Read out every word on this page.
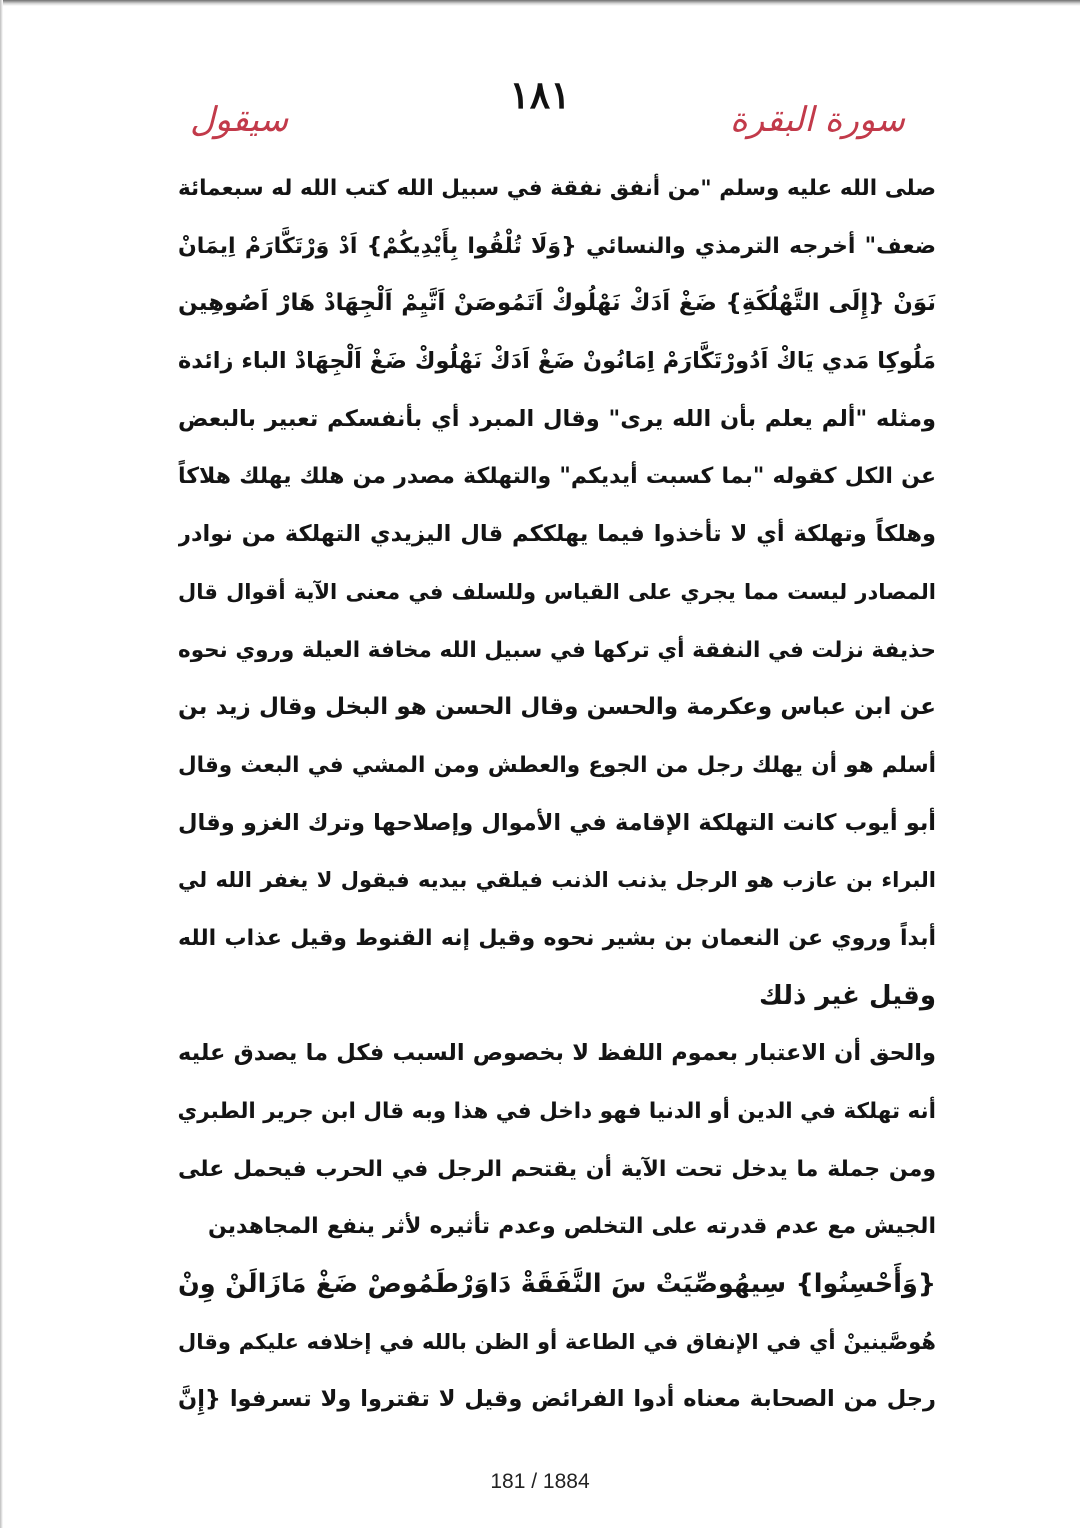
١٨١
سورة البقرة
سيقول
صلى الله عليه وسلم "من أنفق نفقة في سبيل الله كتب الله له سبعمائة
ضعف" أخرجه الترمذي والنسائي {وَلَا تُلْقُوا بِأَيْدِيكُمْ} اَدْ وَرْتَكَّارَمْ اِيمَانْ
نَوَنْ {إِلَى التَّهْلُكَةِ} ضَغْ اَدَكْ نَهْلُوكْ اَتَمُوصَنْ اَتَّيِمْ اَلْجِهَادْ هَارْ اَصُوهِين
مَلُوكِا مَدي يَاكْ اَدُورْتَكَّارَمْ اِمَانُونْ ضَغْ اَدَكْ نَهْلُوكْ ضَغْ اَلْجِهَادْ الباء زائدة
ومثله "ألم يعلم بأن الله يرى" وقال المبرد أي بأنفسكم تعبير بالبعض
عن الكل كقوله "بما كسبت أيديكم" والتهلكة مصدر من هلك يهلك هلاكاً
وهلكاً وتهلكة أي لا تأخذوا فيما يهلككم قال اليزيدي التهلكة من نوادر
المصادر ليست مما يجري على القياس وللسلف في معنى الآية أقوال قال
حذيفة نزلت في النفقة أي تركها في سبيل الله مخافة العيلة وروي نحوه
عن ابن عباس وعكرمة والحسن وقال الحسن هو البخل وقال زيد بن
أسلم هو أن يهلك رجل من الجوع والعطش ومن المشي في البعث وقال
أبو أيوب كانت التهلكة الإقامة في الأموال وإصلاحها وترك الغزو وقال
البراء بن عازب هو الرجل يذنب الذنب فيلقي بيديه فيقول لا يغفر الله لي
أبداً وروي عن النعمان بن بشير نحوه وقيل إنه القنوط وقيل عذاب الله
وقيل غير ذلك
والحق أن الاعتبار بعموم اللفظ لا بخصوص السبب فكل ما يصدق عليه
أنه تهلكة في الدين أو الدنيا فهو داخل في هذا وبه قال ابن جرير الطبري
ومن جملة ما يدخل تحت الآية أن يقتحم الرجل في الحرب فيحمل على
الجيش مع عدم قدرته على التخلص وعدم تأثيره لأثر ينفع المجاهدين
{وَأَحْسِنُوا} سِيهُوصِّيَتْ سَ النَّفَقَةْ دَاوَرْطَمُوصْ ضَغْ مَازَالَنْ وِنْ
هُوصَّينينْ أي في الإنفاق في الطاعة أو الظن بالله في إخلافه عليكم وقال
رجل من الصحابة معناه أدوا الفرائض وقيل لا تقتروا ولا تسرفوا {إِنَّ
181 / 1884
